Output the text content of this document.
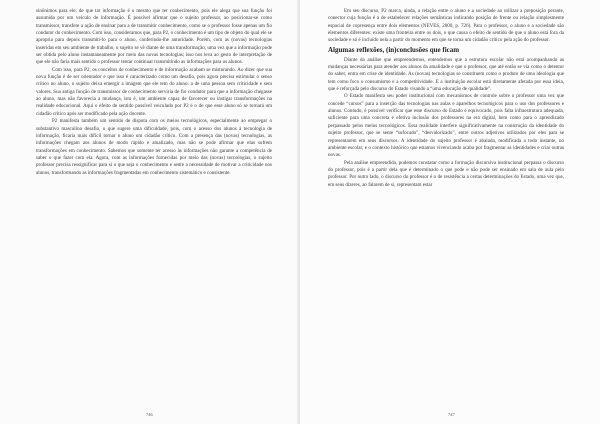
sinônimos para ele; de que tar informação é o mesmo que ter conhecimento, pois ele alega que sua função foi assumida por um veículo de informação. É possível afirmar que o sujeito professor, ao posicionar-se como transmissor, transfere a ação de ensinar para a de transmitir conhecimento, como se o professor fosse apenas um fio condutor do conhecimento. Com isso, consideramos que, para P2, o conhecimento é um tipo de objeto do qual ele se apropria para depois transmiti-lo para o aluno, conferindo-lhe autoridade. Porém, com as (novas) tecnologias inseridas em seu ambiente de trabalho, o sujeito se vê diante de uma transformação, uma vez que a informação pode ser obtida pelo aluno instantaneamente por meio das novas tecnologias; isso nos leva ao gesto de interpretação de que ele não faria mais sentido o professor tentar continuar transmitindo as informações para os alunos.

Com isso, para P2, os conceitos de conhecimento e de informação acabam se misturando. Ao dizer que sua nova função é de ser orientador e que isso é caracterizado como um desafio, pois agora precisa estimular o senso crítico no aluno, o sujeito deixa emergir a imagem que ele tem do aluno: a de uma pessoa sem criticidade e sem valores. Sua antiga função de transmissor de conhecimento serviria de fio condutor para que a informação chegasse ao aluno, mas não favorecia a mudança, isto é, um ambiente capaz de favorecer ou instigar transformações na realidade educacional. Aqui o efeito de sentido possível veiculado por P2 é o de que esse aluno só se tornará um cidadão crítico após ser modificado pela ação docente.

P2 manifesta também um sentido de disputa com os meios tecnológicos, especialmente ao empregar o substantivo masculino desafio, o que sugere uma dificuldade, pois, com o acesso dos alunos à tecnologia de informação, ficaria mais difícil tornar o aluno um cidadão crítico. Com a presença das (novas) tecnologias, as informações chegam aos alunos de modo rápido e atualizado, mas não se pode afirmar que elas sofrem transformações em conhecimento. Sabemos que somente ter acesso às informações não garante a competência de saber o que fazer com ela. Agora, com as informações fornecidas por meio das (novas) tecnologias, o sujeito professor precisa ressignificar para si o que seja o conhecimento e sente a necessidade de motivar a criticidade nos alunos, transformando as informações fragmentadas em conhecimento sistemático e consistente.

746

Em seu discurso, P2 marca, ainda, a relação entre o aluno e a sociedade ao utilizar a preposição perante, conector cuja função é a de estabelecer relações semânticas indicando posição de frente ou relação simplesmente espacial de copresença entre dois elementos (NEVES, 2000, p. 726). Para o professor, o aluno e a sociedade são elementos diferentes: existe uma fronteira entre os dois, o que causa o efeito de sentido de que o aluno está fora da sociedade e só é incluído nela a partir do momento em que se torna um cidadão crítico pela ação do professor.

Algumas reflexões, (in)conclusões que ficam

Diante da análise que empreendemos, entendemos que a estrutura escolar não está acompanhando as mudanças necessárias para atender aos alunos da atualidade e que o professor, que até então se via como o detentor do saber, entra em crise de identidade. As (novas) tecnologias se constituem como o produto de uma ideologia que tem como foco o consumismo e a competitividade. E a instituição escolar está diretamente afetada por essa ideia, que é reforçada pelo discurso do Estado visando a “uma educação de qualidade”.

O Estado manifesta seu poder institucional com mecanismos de controle sobre o professor uma vez que concede “cursos” para a inserção das tecnologias nas aulas e aparelhos tecnológicos para o uso dos professores e alunos. Contudo, é possível verificar que esse discurso do Estado é equivocado, pois falta infraestrutura adequada, suficiente para uma concreta e efetiva inclusão dos professores na era digital, bem como para o aprendizado perpassado pelos meios tecnológicos. Essa realidade interfere significativamente na construção da identidade do sujeito professor, que se sente “sufocado”, “desvalorizado”, entre outros adjetivos utilizados por eles para se representarem em seus discursos. A identidade do sujeito professor é abalada, modificada a todo instante, no ambiente escolar, e o contexto histórico que estamos vivenciando acaba por fragmentar as identidades e criar outras novas.

Pela análise empreendida, pudemos constatar como a formação discursiva institucional perpassa o discurso do professor, pois é a partir dela que é determinado o que pode e não pode ser ensinado em sala de aula pelo professor. Por outro lado, o discurso do professor é o de resistência a certas determinações do Estado, uma vez que, em seus dizeres, ao falarem de si, representam estar

747
